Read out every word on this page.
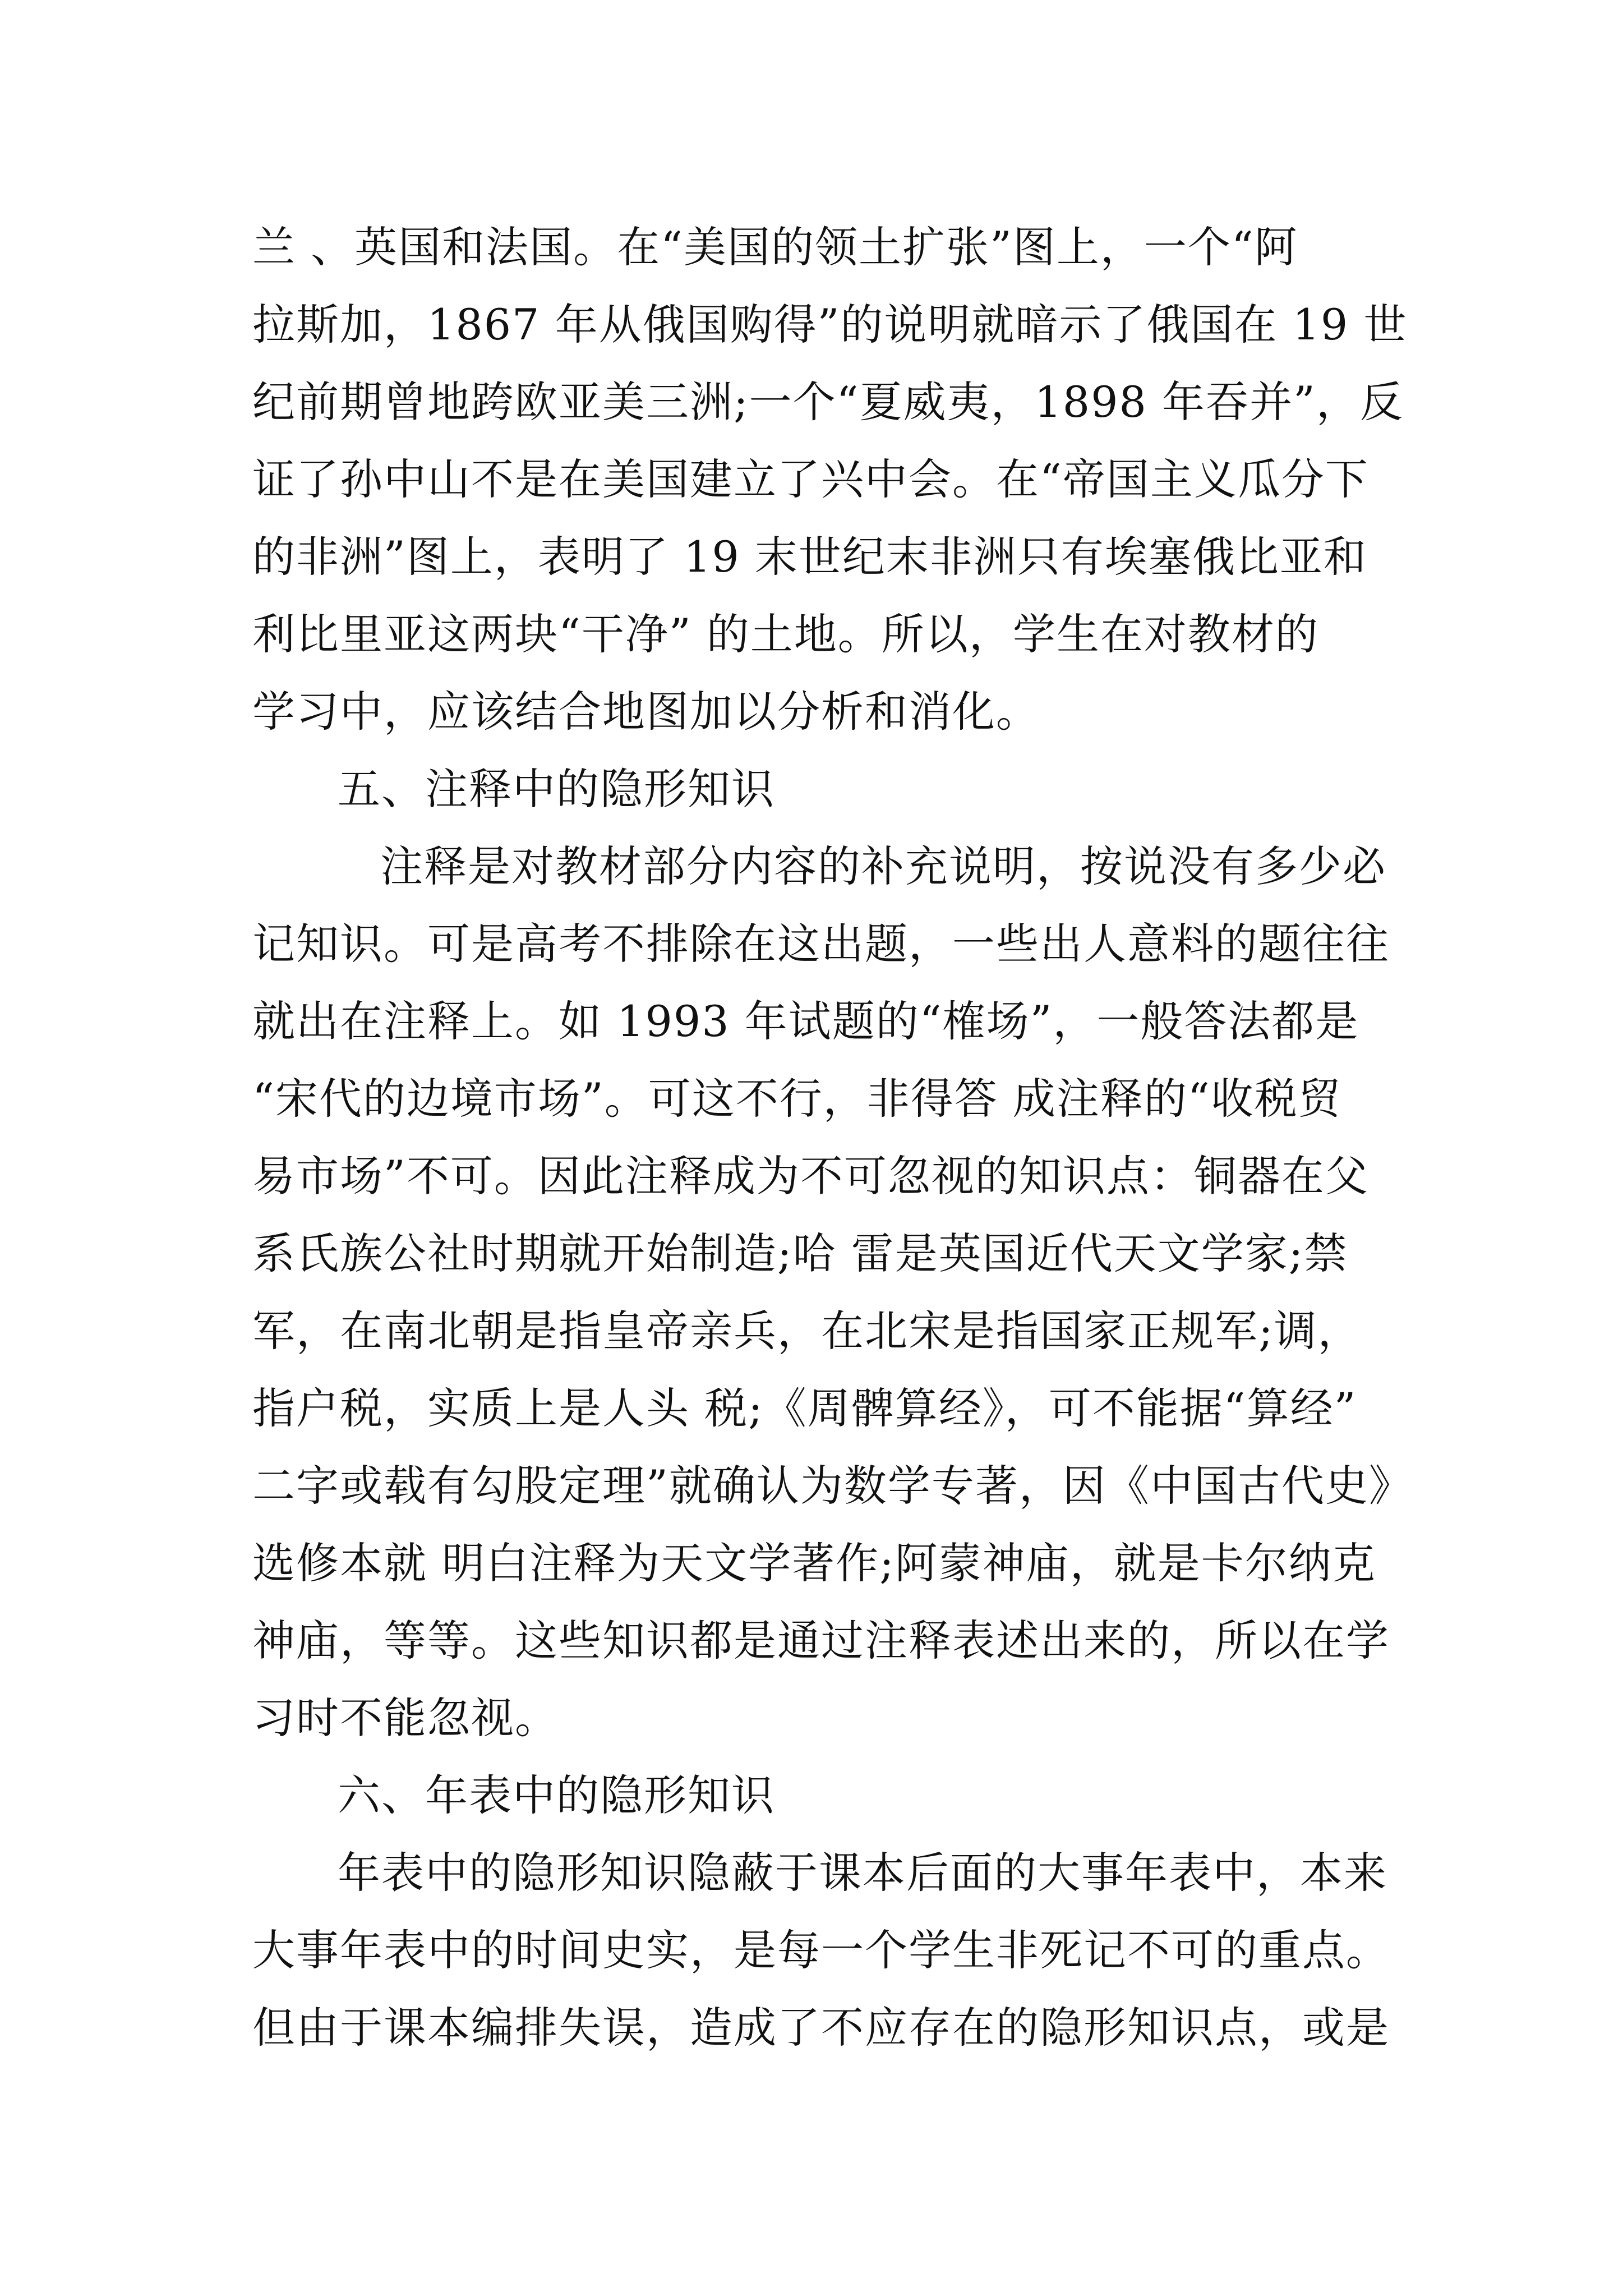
兰 、英国和法国。在“美国的领土扩张”图上，一个“阿
拉斯加，1867 年从俄国购得”的说明就暗示了俄国在 19 世
纪前期曾地跨欧亚美三洲;一个“夏威夷，1898 年吞并”，反
证了孙中山不是在美国建立了兴中会。在“帝国主义瓜分下
的非洲”图上，表明了 19 末世纪末非洲只有埃塞俄比亚和
利比里亚这两块“干净” 的土地。所以，学生在对教材的
学习中，应该结合地图加以分析和消化。
五、注释中的隐形知识
注释是对教材部分内容的补充说明，按说没有多少必
记知识。可是高考不排除在这出题，一些出人意料的题往往
就出在注释上。如 1993 年试题的“榷场”，一般答法都是
“宋代的边境市场”。可这不行，非得答 成注释的“收税贸
易市场”不可。因此注释成为不可忽视的知识点：铜器在父
系氏族公社时期就开始制造;哈 雷是英国近代天文学家;禁
军，在南北朝是指皇帝亲兵，在北宋是指国家正规军;调，
指户税，实质上是人头 税;《周髀算经》，可不能据“算经”
二字或载有勾股定理”就确认为数学专著，因《中国古代史》
选修本就 明白注释为天文学著作;阿蒙神庙，就是卡尔纳克
神庙，等等。这些知识都是通过注释表述出来的，所以在学
习时不能忽视。
六、年表中的隐形知识
年表中的隐形知识隐蔽于课本后面的大事年表中，本来
大事年表中的时间史实，是每一个学生非死记不可的重点。
但由于课本编排失误，造成了不应存在的隐形知识点，或是
